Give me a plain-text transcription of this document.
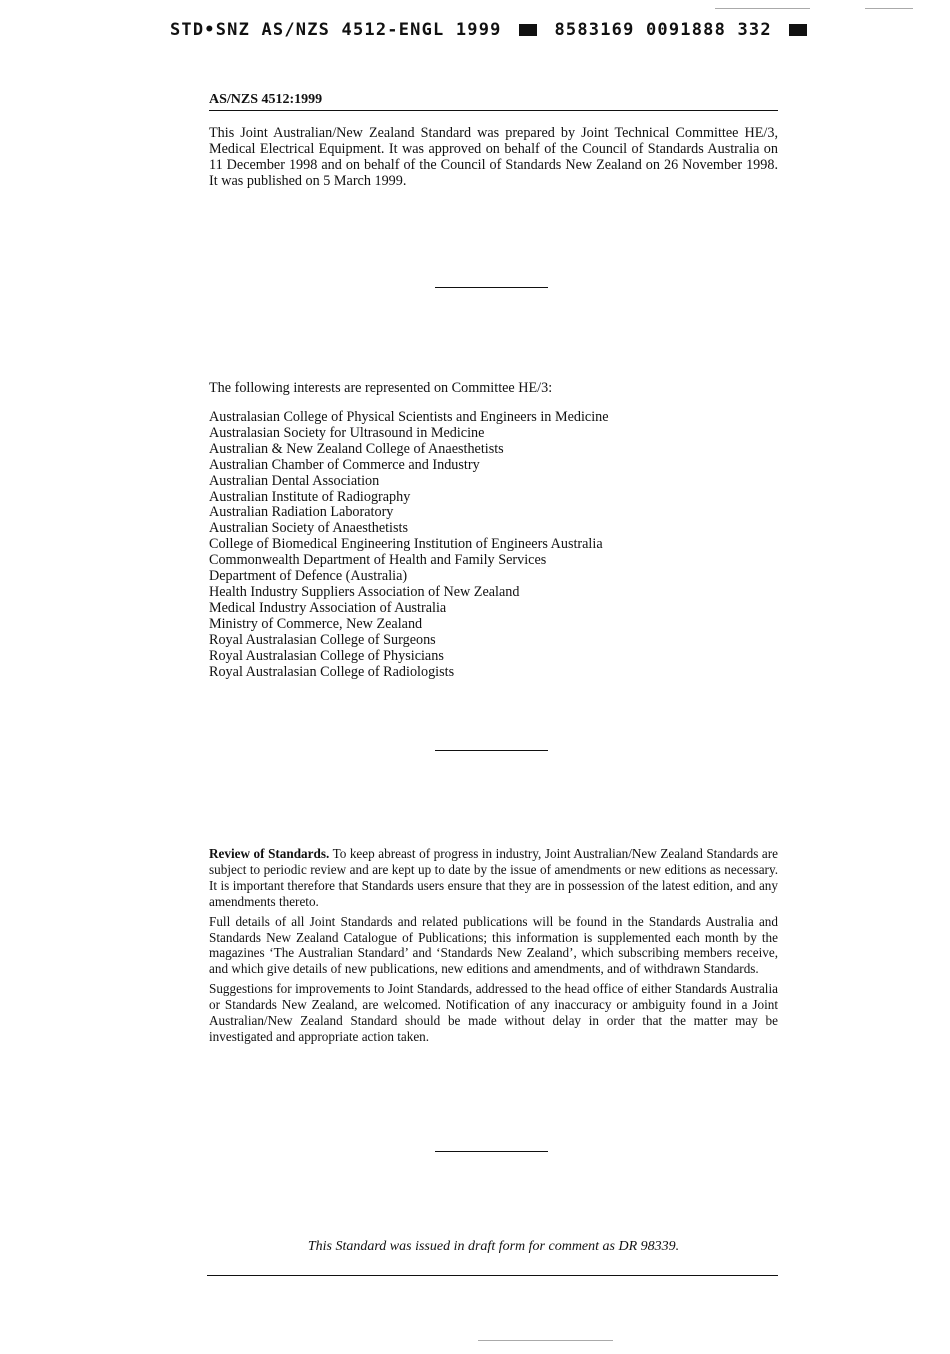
STD•SNZ AS/NZS 4512-ENGL 1999	8583169 0091888 332
AS/NZS 4512:1999
This Joint Australian/New Zealand Standard was prepared by Joint Technical Committee HE/3, Medical Electrical Equipment. It was approved on behalf of the Council of Standards Australia on 11 December 1998 and on behalf of the Council of Standards New Zealand on 26 November 1998. It was published on 5 March 1999.
The following interests are represented on Committee HE/3:
Australasian College of Physical Scientists and Engineers in Medicine
Australasian Society for Ultrasound in Medicine
Australian & New Zealand College of Anaesthetists
Australian Chamber of Commerce and Industry
Australian Dental Association
Australian Institute of Radiography
Australian Radiation Laboratory
Australian Society of Anaesthetists
College of Biomedical Engineering Institution of Engineers Australia
Commonwealth Department of Health and Family Services
Department of Defence (Australia)
Health Industry Suppliers Association of New Zealand
Medical Industry Association of Australia
Ministry of Commerce, New Zealand
Royal Australasian College of Surgeons
Royal Australasian College of Physicians
Royal Australasian College of Radiologists

Review of Standards. To keep abreast of progress in industry, Joint Australian/New Zealand Standards are subject to periodic review and are kept up to date by the issue of amendments or new editions as necessary. It is important therefore that Standards users ensure that they are in possession of the latest edition, and any amendments thereto.

Full details of all Joint Standards and related publications will be found in the Standards Australia and Standards New Zealand Catalogue of Publications; this information is supplemented each month by the magazines ‘The Australian Standard’ and ‘Standards New Zealand’, which subscribing members receive, and which give details of new publications, new editions and amendments, and of withdrawn Standards.

Suggestions for improvements to Joint Standards, addressed to the head office of either Standards Australia or Standards New Zealand, are welcomed. Notification of any inaccuracy or ambiguity found in a Joint Australian/New Zealand Standard should be made without delay in order that the matter may be investigated and appropriate action taken.

This Standard was issued in draft form for comment as DR 98339.
